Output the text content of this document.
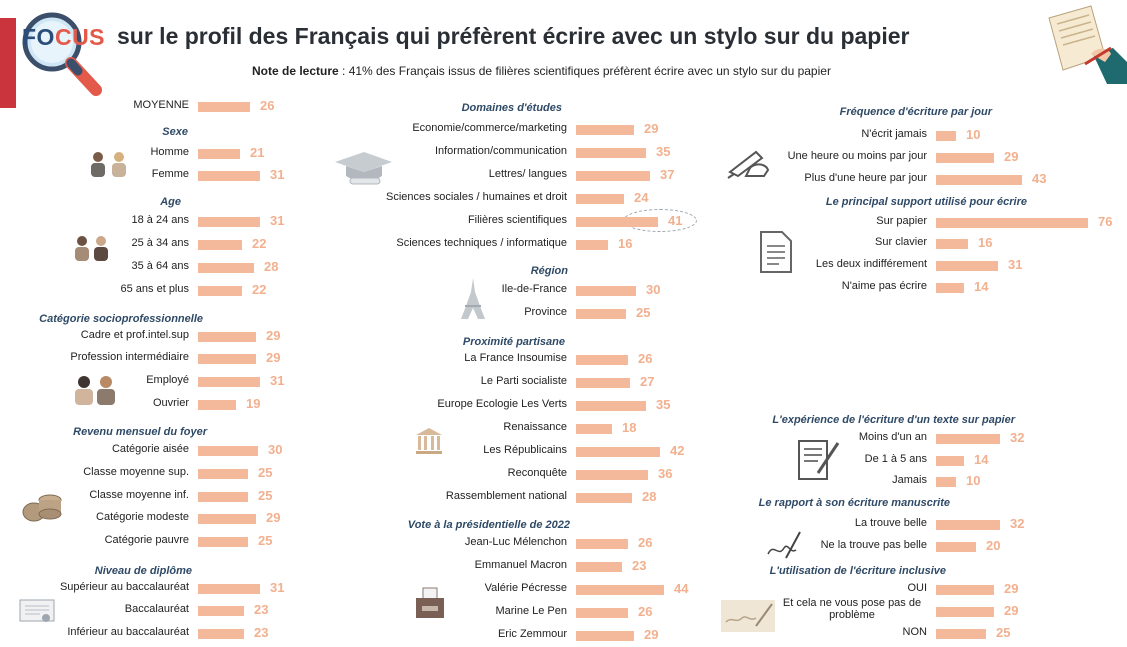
FOCUS sur le profil des Français qui préfèrent écrire avec un stylo sur du papier
Note de lecture : 41% des Français issus de filières scientifiques préfèrent écrire avec un stylo sur du papier
MOYENNE	26
Sexe
Homme	21
Femme	31
Age
18 à 24 ans	31
25 à 34 ans	22
35 à 64 ans	28
65 ans et plus	22
Catégorie socioprofessionnelle
Cadre et prof.intel.sup	29
Profession intermédiaire	29
Employé	31
Ouvrier	19
Revenu mensuel du foyer
Catégorie aisée	30
Classe moyenne sup.	25
Classe moyenne inf.	25
Catégorie modeste	29
Catégorie pauvre	25
Niveau de diplôme
Supérieur au baccalauréat	31
Baccalauréat	23
Inférieur au baccalauréat	23
Domaines d'études
Economie/commerce/marketing	29
Information/communication	35
Lettres/ langues	37
Sciences sociales / humaines et droit	24
Filières scientifiques	41
Sciences techniques / informatique	16
Région
Ile-de-France	30
Province	25
Proximité partisane
La France Insoumise	26
Le Parti socialiste	27
Europe Ecologie Les Verts	35
Renaissance	18
Les Républicains	42
Reconquête	36
Rassemblement national	28
Vote à la présidentielle de 2022
Jean-Luc Mélenchon	26
Emmanuel Macron	23
Valérie Pécresse	44
Marine Le Pen	26
Eric Zemmour	29
Fréquence d'écriture par jour
N'écrit jamais	10
Une heure ou moins par jour	29
Plus d'une heure par jour	43
Le principal support utilisé pour écrire
Sur papier	76
Sur clavier	16
Les deux indifférement	31
N'aime pas écrire	14
L'expérience de l'écriture d'un texte sur papier
Moins d'un an	32
De 1 à 5 ans	14
Jamais	10
Le rapport à son écriture manuscrite
La trouve belle	32
Ne la trouve pas belle	20
L'utilisation de l'écriture inclusive
OUI	29
Et cela ne vous pose pas de problème	29
NON	25
